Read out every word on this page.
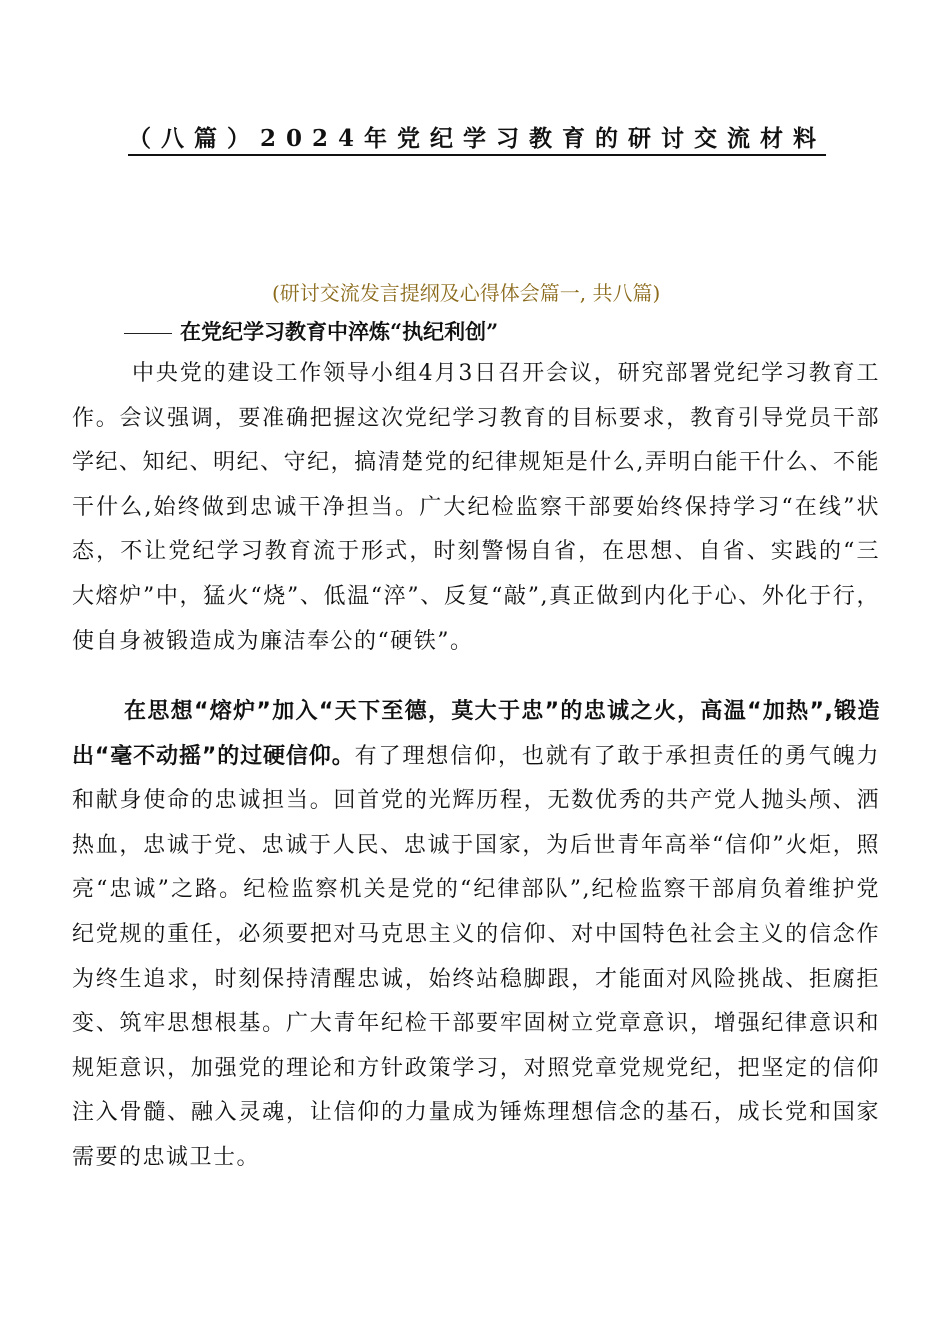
（八篇）2024年党纪学习教育的研讨交流材料
(研讨交流发言提纲及心得体会篇一, 共八篇)
在党纪学习教育中淬炼“执纪利创”

中央党的建设工作领导小组4月3日召开会议，研究部署党纪学习教育工作。会议强调，要准确把握这次党纪学习教育的目标要求，教育引导党员干部学纪、知纪、明纪、守纪，搞清楚党的纪律规矩是什么,弄明白能干什么、不能干什么,始终做到忠诚干净担当。广大纪检监察干部要始终保持学习“在线”状态，不让党纪学习教育流于形式，时刻警惕自省，在思想、自省、实践的“三大熔炉”中，猛火“烧”、低温“淬”、反复“敲”,真正做到内化于心、外化于行，使自身被锻造成为廉洁奉公的“硬铁”。

在思想“熔炉”加入“天下至德，莫大于忠”的忠诚之火，高温“加热”,锻造出“毫不动摇”的过硬信仰。有了理想信仰，也就有了敢于承担责任的勇气魄力和献身使命的忠诚担当。回首党的光辉历程，无数优秀的共产党人抛头颅、洒热血，忠诚于党、忠诚于人民、忠诚于国家，为后世青年高举“信仰”火炬，照亮“忠诚”之路。纪检监察机关是党的“纪律部队”,纪检监察干部肩负着维护党纪党规的重任，必须要把对马克思主义的信仰、对中国特色社会主义的信念作为终生追求，时刻保持清醒忠诚，始终站稳脚跟，才能面对风险挑战、拒腐拒变、筑牢思想根基。广大青年纪检干部要牢固树立党章意识，增强纪律意识和规矩意识，加强党的理论和方针政策学习，对照党章党规党纪，把坚定的信仰注入骨髓、融入灵魂，让信仰的力量成为锤炼理想信念的基石，成长党和国家需要的忠诚卫士。
